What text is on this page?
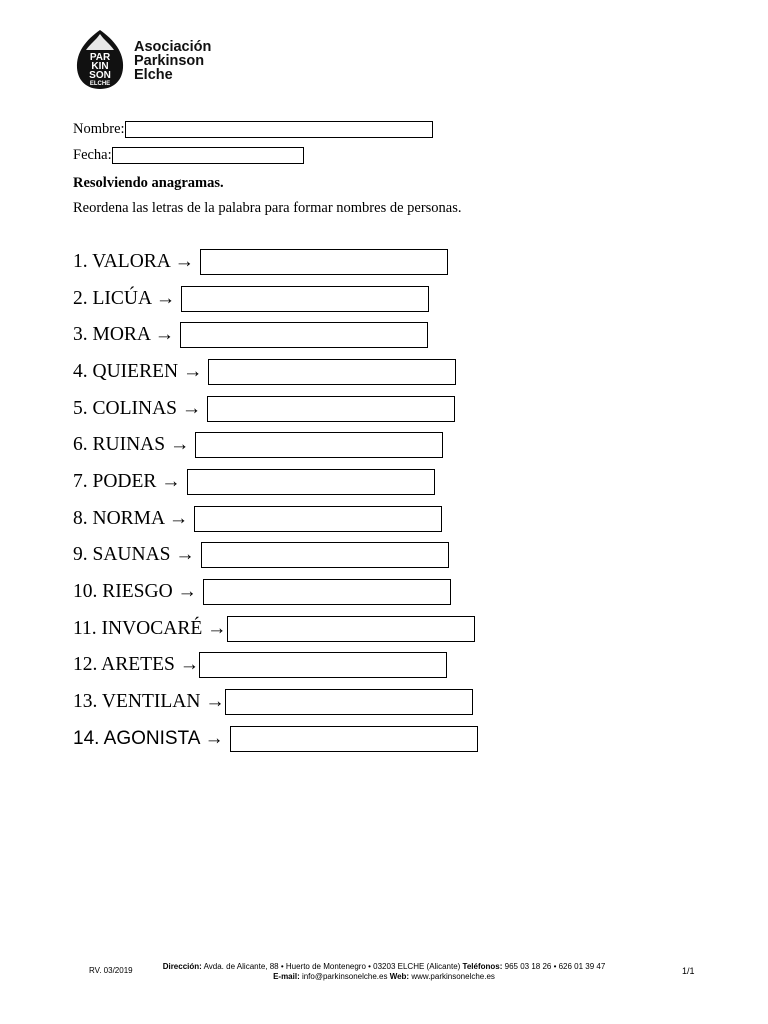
PAR
KIN
SON
ELCHE
Asociación
Parkinson
Elche
Nombre:
Fecha:
Resolviendo anagramas.
Reordena las letras de la palabra para formar nombres de personas.
1. VALORA →
2. LICÚA →
3. MORA →
4. QUIEREN →
5. COLINAS →
6. RUINAS →
7. PODER →
8. NORMA →
9. SAUNAS →
10. RIESGO →
11. INVOCARÉ →
12. ARETES →
13. VENTILAN →
14. AGONISTA →
RV. 03/2019	Dirección: Avda. de Alicante, 88 • Huerto de Montenegro • 03203 ELCHE (Alicante) Teléfonos: 965 03 18 26 • 626 01 39 47
E-mail: info@parkinsonelche.es Web: www.parkinsonelche.es
1/1
